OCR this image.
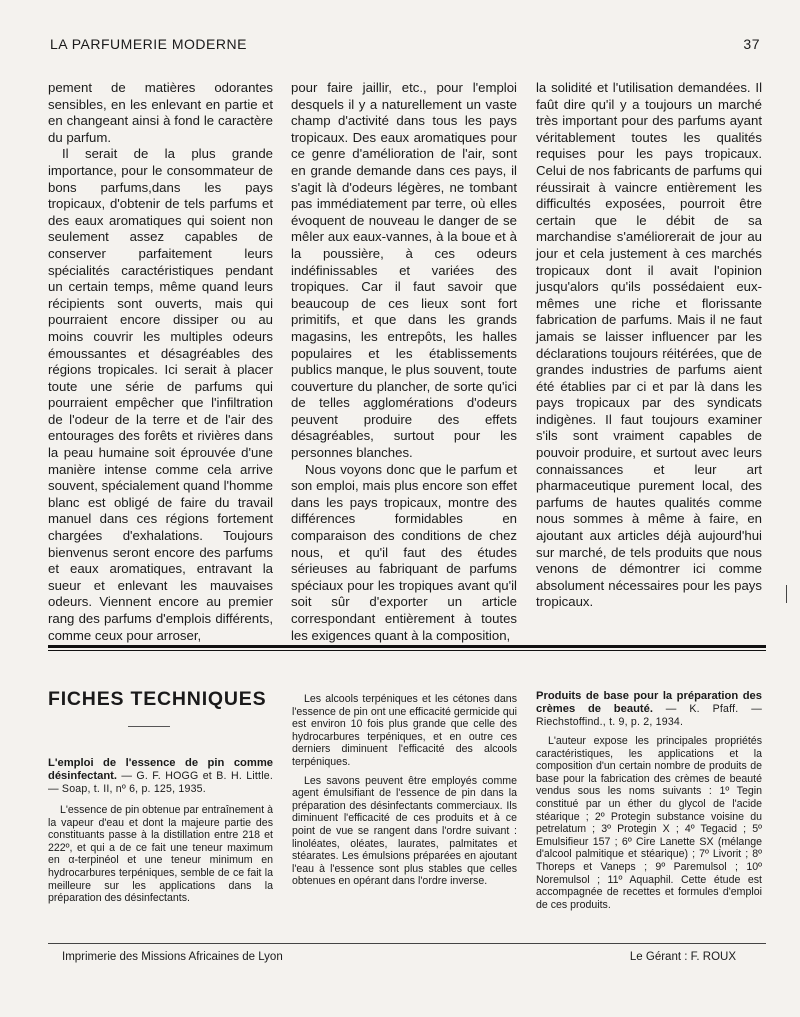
LA PARFUMERIE MODERNE	37

pement de matières odorantes sensibles, en les enlevant en partie et en changeant ainsi à fond le caractère du parfum.

Il serait de la plus grande importance, pour le consommateur de bons parfums,dans les pays tropicaux, d'obtenir de tels parfums et des eaux aromatiques qui soient non seulement assez capables de conserver parfaitement leurs spécialités caractéristiques pendant un certain temps, même quand leurs récipients sont ouverts, mais qui pourraient encore dissiper ou au moins couvrir les multiples odeurs émoussantes et désagréables des régions tropicales. Ici serait à placer toute une série de parfums qui pourraient empêcher que l'infiltration de l'odeur de la terre et de l'air des entourages des forêts et rivières dans la peau humaine soit éprouvée d'une manière intense comme cela arrive souvent, spécialement quand l'homme blanc est obligé de faire du travail manuel dans ces régions fortement chargées d'exhalations. Toujours bienvenus seront encore des parfums et eaux aromatiques, entravant la sueur et enlevant les mauvaises odeurs. Viennent encore au premier rang des parfums d'emplois différents, comme ceux pour arroser,

pour faire jaillir, etc., pour l'emploi desquels il y a naturellement un vaste champ d'activité dans tous les pays tropicaux. Des eaux aromatiques pour ce genre d'amélioration de l'air, sont en grande demande dans ces pays, il s'agit là d'odeurs légères, ne tombant pas immédiatement par terre, où elles évoquent de nouveau le danger de se mêler aux eaux-vannes, à la boue et à la poussière, à ces odeurs indéfinissables et variées des tropiques. Car il faut savoir que beaucoup de ces lieux sont fort primitifs, et que dans les grands magasins, les entrepôts, les halles populaires et les établissements publics manque, le plus souvent, toute couverture du plancher, de sorte qu'ici de telles agglomérations d'odeurs peuvent produire des effets désagréables, surtout pour les personnes blanches.

Nous voyons donc que le parfum et son emploi, mais plus encore son effet dans les pays tropicaux, montre des différences formidables en comparaison des conditions de chez nous, et qu'il faut des études sérieuses au fabriquant de parfums spéciaux pour les tropiques avant qu'il soit sûr d'exporter un article correspondant entièrement à toutes les exigences quant à la composition,

la solidité et l'utilisation demandées. Il faût dire qu'il y a toujours un marché très important pour des parfums ayant véritablement toutes les qualités requises pour les pays tropicaux. Celui de nos fabricants de parfums qui réussirait à vaincre entièrement les difficultés exposées, pourroit être certain que le débit de sa marchandise s'améliorerait de jour au jour et cela justement à ces marchés tropicaux dont il avait l'opinion jusqu'alors qu'ils possédaient eux-mêmes une riche et florissante fabrication de parfums. Mais il ne faut jamais se laisser influencer par les déclarations toujours réitérées, que de grandes industries de parfums aient été établies par ci et par là dans les pays tropicaux par des syndicats indigènes. Il faut toujours examiner s'ils sont vraiment capables de pouvoir produire, et surtout avec leurs connaissances et leur art pharmaceutique purement local, des parfums de hautes qualités comme nous sommes à même à faire, en ajoutant aux articles déjà aujourd'hui sur marché, de tels produits que nous venons de démontrer ici comme absolument nécessaires pour les pays tropicaux.

FICHES TECHNIQUES

L'emploi de l'essence de pin comme désinfectant. — G. F. HOGG et B. H. Little. — Soap, t. II, nº 6, p. 125, 1935.

L'essence de pin obtenue par entraînement à la vapeur d'eau et dont la majeure partie des constituants passe à la distillation entre 218 et 222º, et qui a de ce fait une teneur maximum en α-terpinéol et une teneur minimum en hydrocarbures terpéniques, semble de ce fait la meilleure sur les applications dans la préparation des désinfectants.

Les alcools terpéniques et les cétones dans l'essence de pin ont une efficacité germicide qui est environ 10 fois plus grande que celle des hydrocarbures terpéniques, et en outre ces derniers diminuent l'efficacité des alcools terpéniques.

Les savons peuvent être employés comme agent émulsifiant de l'essence de pin dans la préparation des désinfectants commerciaux. Ils diminuent l'efficacité de ces produits et à ce point de vue se rangent dans l'ordre suivant : linoléates, oléates, laurates, palmitates et stéarates. Les émulsions préparées en ajoutant l'eau à l'essence sont plus stables que celles obtenues en opérant dans l'ordre inverse.

Produits de base pour la préparation des crèmes de beauté. — K. Pfaff. — Riechstoffind., t. 9, p. 2, 1934.

L'auteur expose les principales propriétés caractéristiques, les applications et la composition d'un certain nombre de produits de base pour la fabrication des crèmes de beauté vendus sous les noms suivants : 1º Tegin constitué par un éther du glycol de l'acide stéarique ; 2º Protegin substance voisine du petrelatum ; 3º Protegin X ; 4º Tegacid ; 5º Emulsifieur 157 ; 6º Cire Lanette SX (mélange d'alcool palmitique et stéarique) ; 7º Livorit ; 8º Thoreps et Vaneps ; 9º Paremulsol ; 10º Noremulsol ; 11º Aquaphil. Cette étude est accompagnée de recettes et formules d'emploi de ces produits.

Imprimerie des Missions Africaines de Lyon	Le Gérant : F. ROUX
